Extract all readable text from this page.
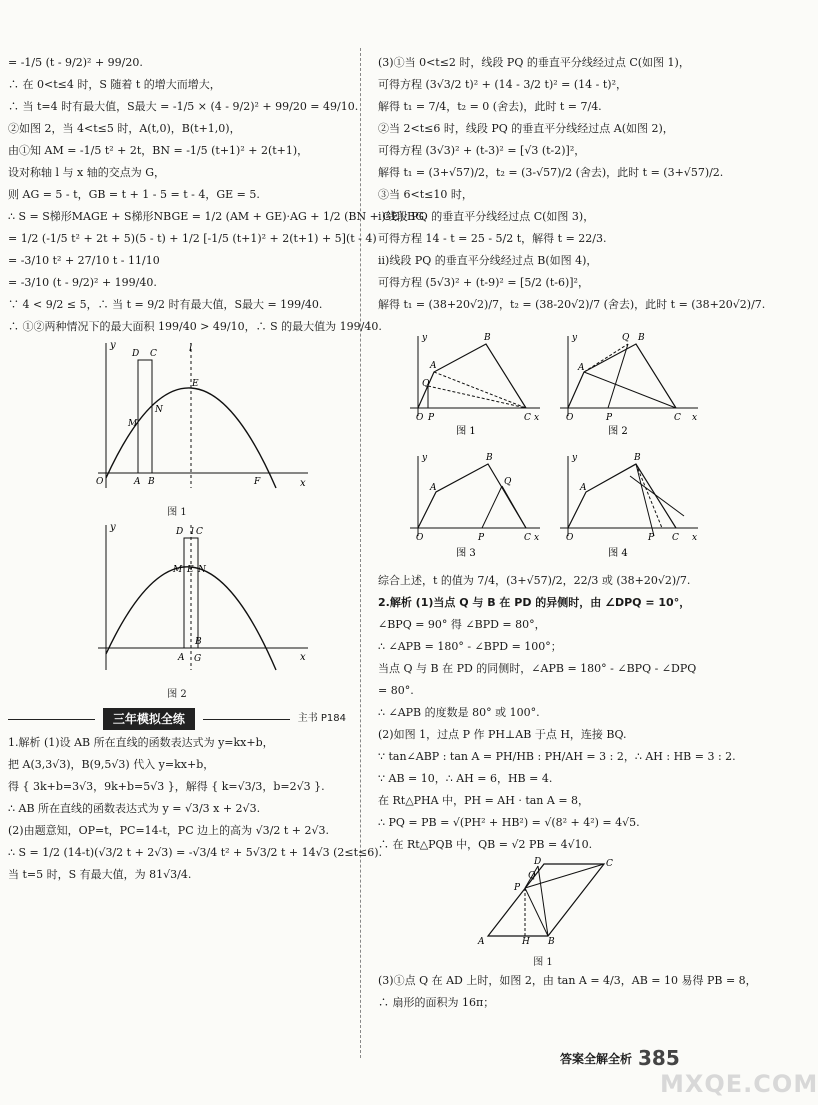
= -1/5 (t - 9/2)² + 99/20.
∴ 在 0<t≤4 时，S 随着 t 的增大而增大，
∴ 当 t=4 时有最大值，S最大 = -1/5 × (4 - 9/2)² + 99/20 = 49/10.
②如图 2，当 4<t≤5 时，A(t,0)，B(t+1,0)，
由①知 AM = -1/5 t² + 2t，BN = -1/5 (t+1)² + 2(t+1)，
设对称轴 l 与 x 轴的交点为 G，
则 AG = 5 - t，GB = t + 1 - 5 = t - 4，GE = 5.
∴ S = S梯形MAGE + S梯形NBGE = 1/2 (AM + GE)·AG + 1/2 (BN + GE)·BG
= 1/2 (-1/5 t² + 2t + 5)(5 - t) + 1/2 [-1/5 (t+1)² + 2(t+1) + 5](t - 4)
= -3/10 t² + 27/10 t - 11/10
= -3/10 (t - 9/2)² + 199/40.
∵ 4 < 9/2 ≤ 5，∴ 当 t = 9/2 时有最大值，S最大 = 199/40.
∴ ①②两种情况下的最大面积 199/40 > 49/10，∴ S 的最大值为 199/40.
y
x
l
D C
E
M
N
O	A B	F
图 1
y
x
D l C
M E N
A
B
G
图 2
三年模拟全练	主书 P184
1.解析 (1)设 AB 所在直线的函数表达式为 y=kx+b，
把 A(3,3√3)，B(9,5√3) 代入 y=kx+b，
得 { 3k+b=3√3，9k+b=5√3 }，解得 { k=√3/3，b=2√3 }.
∴ AB 所在直线的函数表达式为 y = √3/3 x + 2√3.
(2)由题意知，OP=t，PC=14-t，PC 边上的高为 √3/2 t + 2√3.
∴ S = 1/2 (14-t)(√3/2 t + 2√3) = -√3/4 t² + 5√3/2 t + 14√3 (2≤t≤6).
当 t=5 时，S 有最大值，为 81√3/4.
(3)①当 0<t≤2 时，线段 PQ 的垂直平分线经过点 C(如图 1)，
可得方程 (3√3/2 t)² + (14 - 3/2 t)² = (14 - t)²，
解得 t₁ = 7/4，t₂ = 0 (舍去)，此时 t = 7/4.
②当 2<t≤6 时，线段 PQ 的垂直平分线经过点 A(如图 2)，
可得方程 (3√3)² + (t-3)² = [√3 (t-2)]²，
解得 t₁ = (3+√57)/2，t₂ = (3-√57)/2 (舍去)，此时 t = (3+√57)/2.
③当 6<t≤10 时，
i)线段 PQ 的垂直平分线经过点 C(如图 3)，
可得方程 14 - t = 25 - 5/2 t，解得 t = 22/3.
ii)线段 PQ 的垂直平分线经过点 B(如图 4)，
可得方程 (5√3)² + (t-9)² = [5/2 (t-6)]²，
解得 t₁ = (38+20√2)/7，t₂ = (38-20√2)/7 (舍去)，此时 t = (38+20√2)/7.
O P
A
B
Q
C
y
x
图 1
O	P
A
B
Q
C
y
x
图 2
O	P
A
B
Q
C
y
x
图 3
O	P
A
B
C
y
x
图 4
综合上述，t 的值为 7/4，(3+√57)/2，22/3 或 (38+20√2)/7.
2.解析 (1)当点 Q 与 B 在 PD 的异侧时，由 ∠DPQ = 10°，
∠BPQ = 90° 得 ∠BPD = 80°，
∴ ∠APB = 180° - ∠BPD = 100°；
当点 Q 与 B 在 PD 的同侧时，∠APB = 180° - ∠BPQ - ∠DPQ
= 80°.
∴ ∠APB 的度数是 80° 或 100°.
(2)如图 1，过点 P 作 PH⊥AB 于点 H，连接 BQ.
∵ tan∠ABP : tan A = PH/HB : PH/AH = 3 : 2，∴ AH : HB = 3 : 2.
∵ AB = 10，∴ AH = 6，HB = 4.
在 Rt△PHA 中，PH = AH · tan A = 8，
∴ PQ = PB = √(PH² + HB²) = √(8² + 4²) = 4√5.
∴ 在 Rt△PQB 中，QB = √2 PB = 4√10.
A	H B
P
D
Q
C
图 1
(3)①点 Q 在 AD 上时，如图 2，由 tan A = 4/3，AB = 10 易得 PB = 8，
∴ 扇形的面积为 16π；
答案全解全析 385
MXQE.COM
